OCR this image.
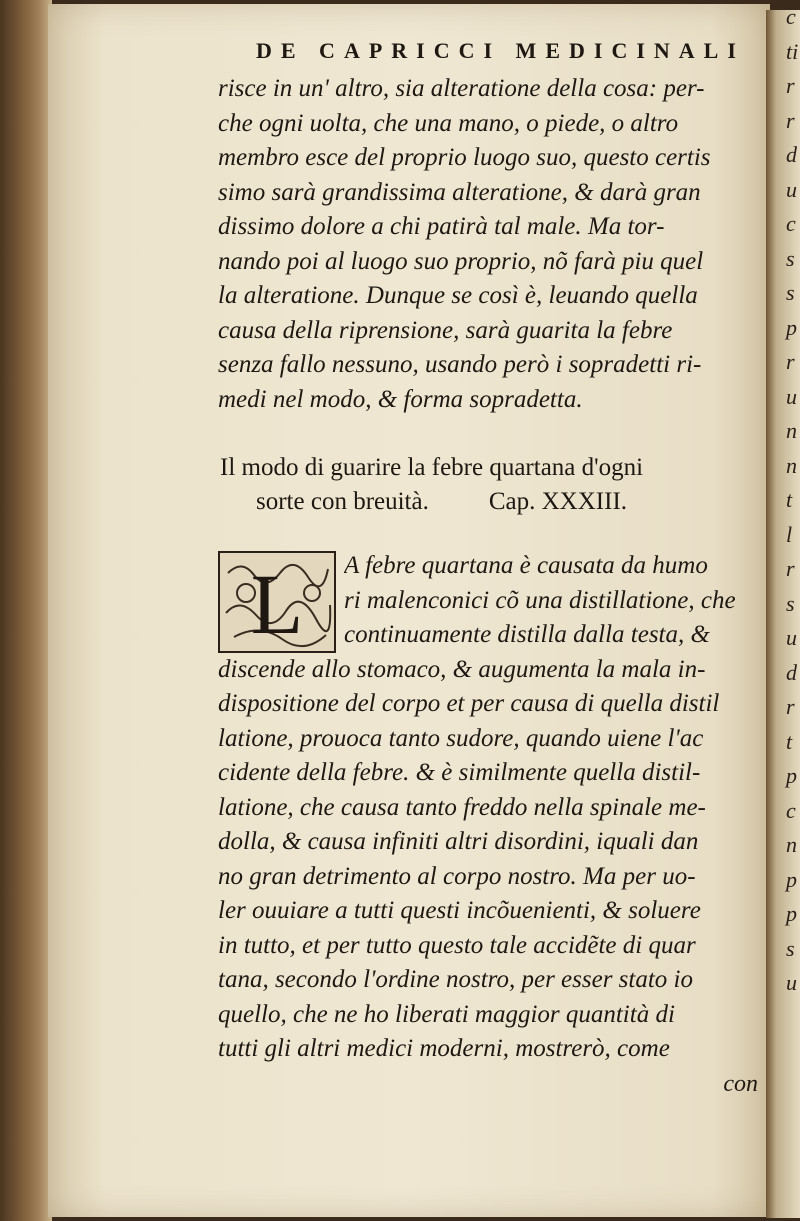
c
ti
r
r
d
u
c
s
s
p
r
u
n
n
t
l
r
s
u
d
r
t
p
c
n
p
p
s
u
DE CAPRICCI MEDICINALI
risce in un' altro, sia alteratione della cosa: per-
che ogni uolta, che una mano, o piede, o altro
membro esce del proprio luogo suo, questo certis
simo sarà grandissima alteratione, & darà gran
dissimo dolore a chi patirà tal male. Ma tor-
nando poi al luogo suo proprio, nõ farà piu quel
la alteratione. Dunque se così è, leuando quella
causa della riprensione, sarà guarita la febre
senza fallo nessuno, usando però i sopradetti ri-
medi nel modo, & forma sopradetta.
Il modo di guarire la febre quartana d'ogni
sorte con breuità. Cap. XXXIII.
L A febre quartana è causata da humo
ri malenconici cõ una distillatione, che
continuamente distilla dalla testa, &
discende allo stomaco, & augumenta la mala in-
dispositione del corpo et per causa di quella distil
latione, prouoca tanto sudore, quando uiene l'ac
cidente della febre. & è similmente quella distil-
latione, che causa tanto freddo nella spinale me-
dolla, & causa infiniti altri disordini, iquali dan
no gran detrimento al corpo nostro. Ma per uo-
ler ouuiare a tutti questi incõuenienti, & soluere
in tutto, et per tutto questo tale accidẽte di quar
tana, secondo l'ordine nostro, per esser stato io
quello, che ne ho liberati maggior quantità di
tutti gli altri medici moderni, mostrerò, come
con
